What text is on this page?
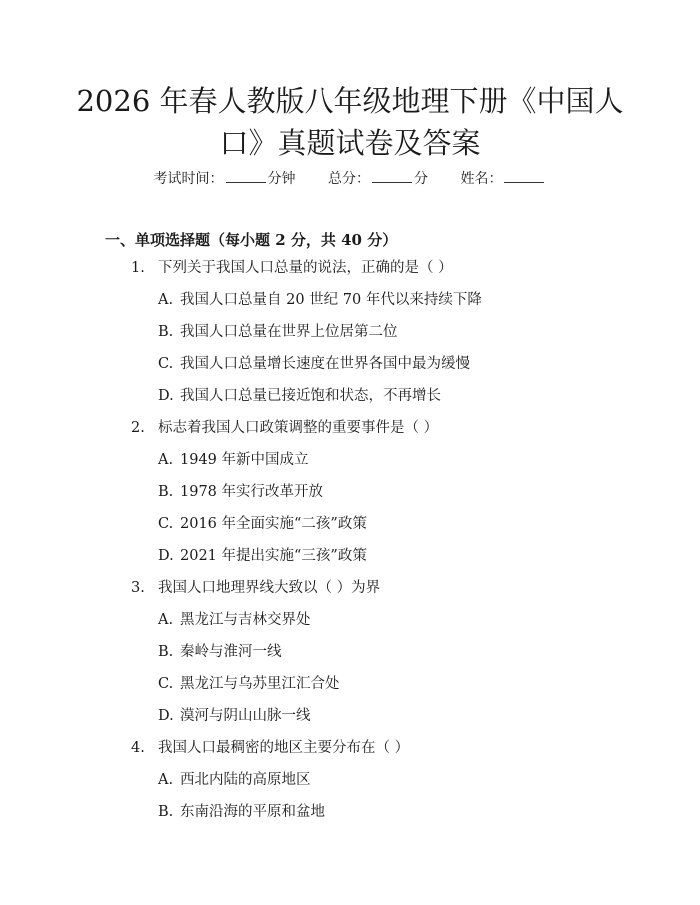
2026 年春人教版八年级地理下册《中国人
口》真题试卷及答案
考试时间：	分钟 总分：	分 姓名：
一、单项选择题（每小题 2 分，共 40 分）
1. 下列关于我国人口总量的说法，正确的是（ ）
A. 我国人口总量自 20 世纪 70 年代以来持续下降
B. 我国人口总量在世界上位居第二位
C. 我国人口总量增长速度在世界各国中最为缓慢
D. 我国人口总量已接近饱和状态，不再增长
2. 标志着我国人口政策调整的重要事件是（ ）
A. 1949 年新中国成立
B. 1978 年实行改革开放
C. 2016 年全面实施“二孩”政策
D. 2021 年提出实施“三孩”政策
3. 我国人口地理界线大致以（ ）为界
A. 黑龙江与吉林交界处
B. 秦岭与淮河一线
C. 黑龙江与乌苏里江汇合处
D. 漠河与阴山山脉一线
4. 我国人口最稠密的地区主要分布在（ ）
A. 西北内陆的高原地区
B. 东南沿海的平原和盆地
